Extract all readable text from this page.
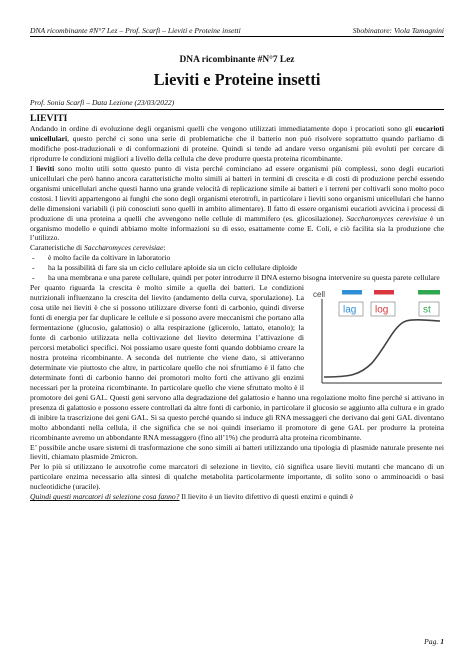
DNA ricombinante #N°7 Lez – Prof. Scarfì – Lieviti e Proteine insetti	Sbobinatore: Viola Tamagnini
DNA ricombinante #N°7 Lez
Lieviti e Proteine insetti
Prof. Sonia Scarfì – Data Lezione (23/03/2022)
LIEVITI

Andando in ordine di evoluzione degli organismi quelli che vengono utilizzati immediatamente dopo i procarioti sono gli eucarioti unicellulari, questo perché ci sono una serie di problematiche che il batterio non può risolvere soprattutto quando parliamo di modifiche post-traduzionali e di conformazioni di proteine. Quindi si tende ad andare verso organismi più evoluti per cercare di riprodurre le condizioni migliori a livello della cellula che deve produrre questa proteina ricombinante.

I lieviti sono molto utili sotto questo punto di vista perché cominciano ad essere organismi più complessi, sono degli eucarioti unicellulari che però hanno ancora caratteristiche molto simili ai batteri in termini di crescita e di costi di produzione perché essendo organismi unicellulari anche questi hanno una grande velocità di replicazione simile ai batteri e i terreni per coltivarli sono molto poco costosi. I lieviti appartengono ai funghi che sono degli organismi eterotrofi, in particolare i lieviti sono organismi unicellulari che hanno delle dimensioni variabili (i più conosciuti sono quelli in ambito alimentare). Il fatto di essere organismi eucarioti avvicina i processi di produzione di una proteina a quelli che avvengono nelle cellule di mammifero (es. glicosilazione). Saccharomyces cerevisiae è un organismo modello e quindi abbiamo molte informazioni su di esso, esattamente come E. Coli, e ciò facilita sia la produzione che l’utilizzo.

Caratteristiche di Saccharomyces cerevisiae:

- è molto facile da coltivare in laboratorio
- ha la possibilità di fare sia un ciclo cellulare aploide sia un ciclo cellulare diploide
- ha una membrana e una parete cellulare, quindi per poter introdurre il DNA esterno bisogna intervenire su questa parete cellulare
cell
lag log	st

Per quanto riguarda la crescita è molto simile a quella dei batteri. Le condizioni nutrizionali influenzano la crescita del lievito (andamento della curva, sporulazione). La cosa utile nei lieviti è che si possono utilizzare diverse fonti di carbonio, quindi diverse fonti di energia per far duplicare le cellule e si possono avere meccanismi che portano alla fermentazione (glucosio, galattosio) o alla respirazione (glicerolo, lattato, etanolo); la fonte di carbonio utilizzata nella coltivazione del lievito determina l’attivazione di percorsi metabolici specifici. Noi possiamo usare queste fonti quando dobbiamo creare la nostra proteina ricombinante. A seconda del nutriente che viene dato, si attiveranno determinate vie piuttosto che altre, in particolare quello che noi sfruttiamo è il fatto che determinate fonti di carbonio hanno dei promotori molto forti che attivano gli enzimi necessari per la proteina ricombinante. In particolare quello che viene sfruttato molto è il promotore dei geni GAL. Questi geni servono alla degradazione del galattosio e hanno una regolazione molto fine perché si attivano in presenza di galattosio e possono essere controllati da altre fonti di carbonio, in particolare il glucosio se aggiunto alla cultura e in grado di inibire la trascrizione dei geni GAL. Si sa questo perché quando si induce gli RNA messaggeri che derivano dai geni GAL diventano molto abbondanti nella cellula, il che significa che se noi quindi inseriamo il promotore di gene GAL per produrre la proteina ricombinante avremo un abbondante RNA messaggero (fino all’1%) che produrrà alta proteina ricombinante.

E’ possibile anche usare sistemi di trasformazione che sono simili ai batteri utilizzando una tipologia di plasmide naturale presente nei lieviti, chiamato plasmide 2micron.

Per lo più si utilizzano le auxotrofie come marcatori di selezione in lievito, ciò significa usare lieviti mutanti che mancano di un particolare enzima necessario alla sintesi di qualche metabolita particolarmente importante, di solito sono o amminoacidi o basi nucleotidiche (uracile).

Quindi questi marcatori di selezione cosa fanno? Il lievito è un lievito difettivo di questi enzimi e quindi è

Pag. 1
